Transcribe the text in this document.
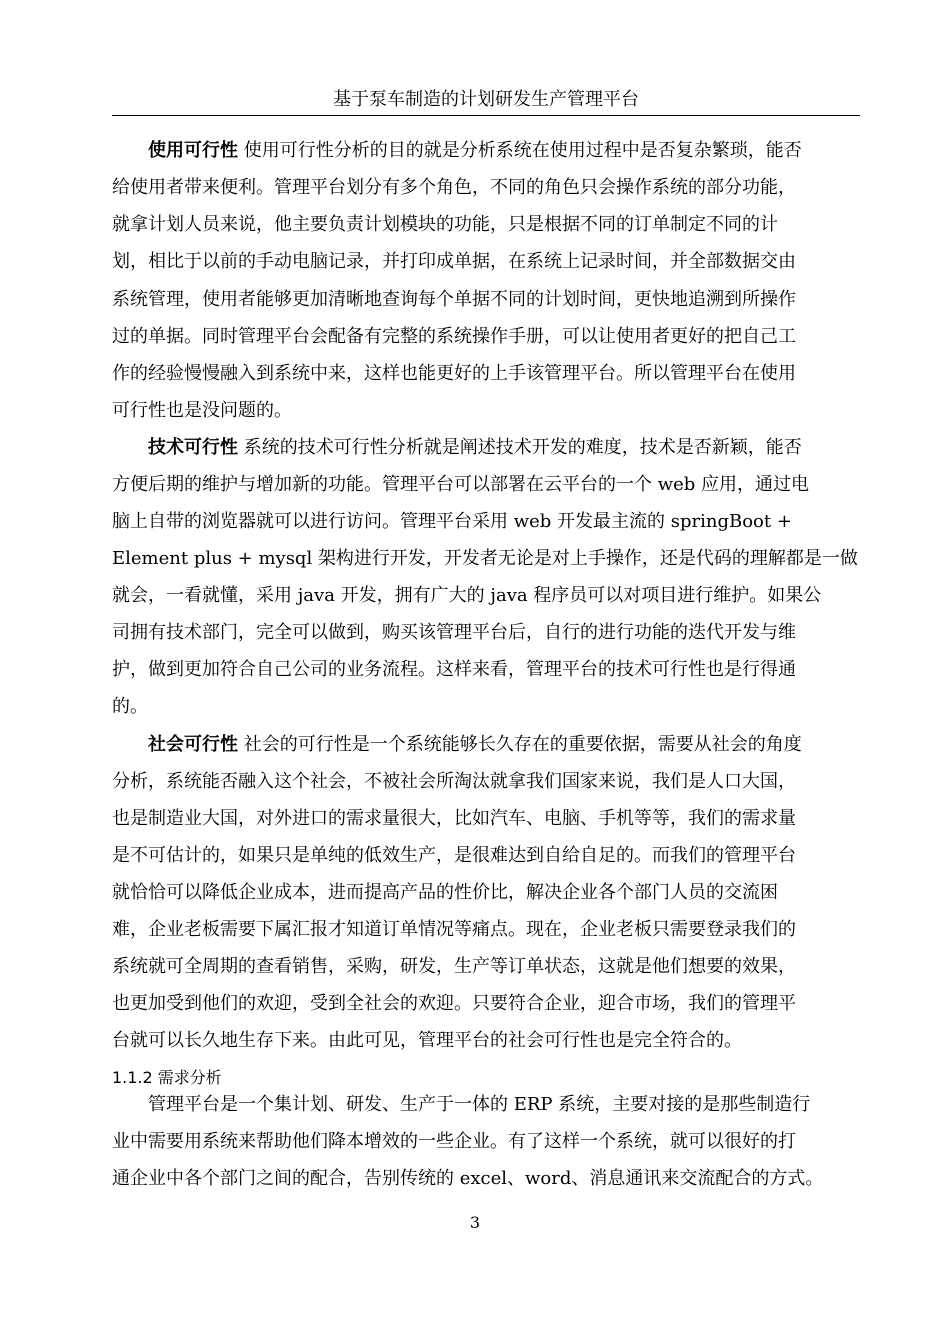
基于泵车制造的计划研发生产管理平台
使用可行性 使用可行性分析的目的就是分析系统在使用过程中是否复杂繁琐，能否
给使用者带来便利。管理平台划分有多个角色，不同的角色只会操作系统的部分功能，
就拿计划人员来说，他主要负责计划模块的功能，只是根据不同的订单制定不同的计
划，相比于以前的手动电脑记录，并打印成单据，在系统上记录时间，并全部数据交由
系统管理，使用者能够更加清晰地查询每个单据不同的计划时间，更快地追溯到所操作
过的单据。同时管理平台会配备有完整的系统操作手册，可以让使用者更好的把自己工
作的经验慢慢融入到系统中来，这样也能更好的上手该管理平台。所以管理平台在使用
可行性也是没问题的。
技术可行性 系统的技术可行性分析就是阐述技术开发的难度，技术是否新颖，能否
方便后期的维护与增加新的功能。管理平台可以部署在云平台的一个 web 应用，通过电
脑上自带的浏览器就可以进行访问。管理平台采用 web 开发最主流的 springBoot +
Element plus + mysql 架构进行开发，开发者无论是对上手操作，还是代码的理解都是一做
就会，一看就懂，采用 java 开发，拥有广大的 java 程序员可以对项目进行维护。如果公
司拥有技术部门，完全可以做到，购买该管理平台后，自行的进行功能的迭代开发与维
护，做到更加符合自己公司的业务流程。这样来看，管理平台的技术可行性也是行得通
的。
社会可行性 社会的可行性是一个系统能够长久存在的重要依据，需要从社会的角度
分析，系统能否融入这个社会，不被社会所淘汰就拿我们国家来说，我们是人口大国，
也是制造业大国，对外进口的需求量很大，比如汽车、电脑、手机等等，我们的需求量
是不可估计的，如果只是单纯的低效生产，是很难达到自给自足的。而我们的管理平台
就恰恰可以降低企业成本，进而提高产品的性价比，解决企业各个部门人员的交流困
难，企业老板需要下属汇报才知道订单情况等痛点。现在，企业老板只需要登录我们的
系统就可全周期的查看销售，采购，研发，生产等订单状态，这就是他们想要的效果，
也更加受到他们的欢迎，受到全社会的欢迎。只要符合企业，迎合市场，我们的管理平
台就可以长久地生存下来。由此可见，管理平台的社会可行性也是完全符合的。
1.1.2 需求分析
管理平台是一个集计划、研发、生产于一体的 ERP 系统，主要对接的是那些制造行
业中需要用系统来帮助他们降本增效的一些企业。有了这样一个系统，就可以很好的打
通企业中各个部门之间的配合，告别传统的 excel、word、消息通讯来交流配合的方式。
3
